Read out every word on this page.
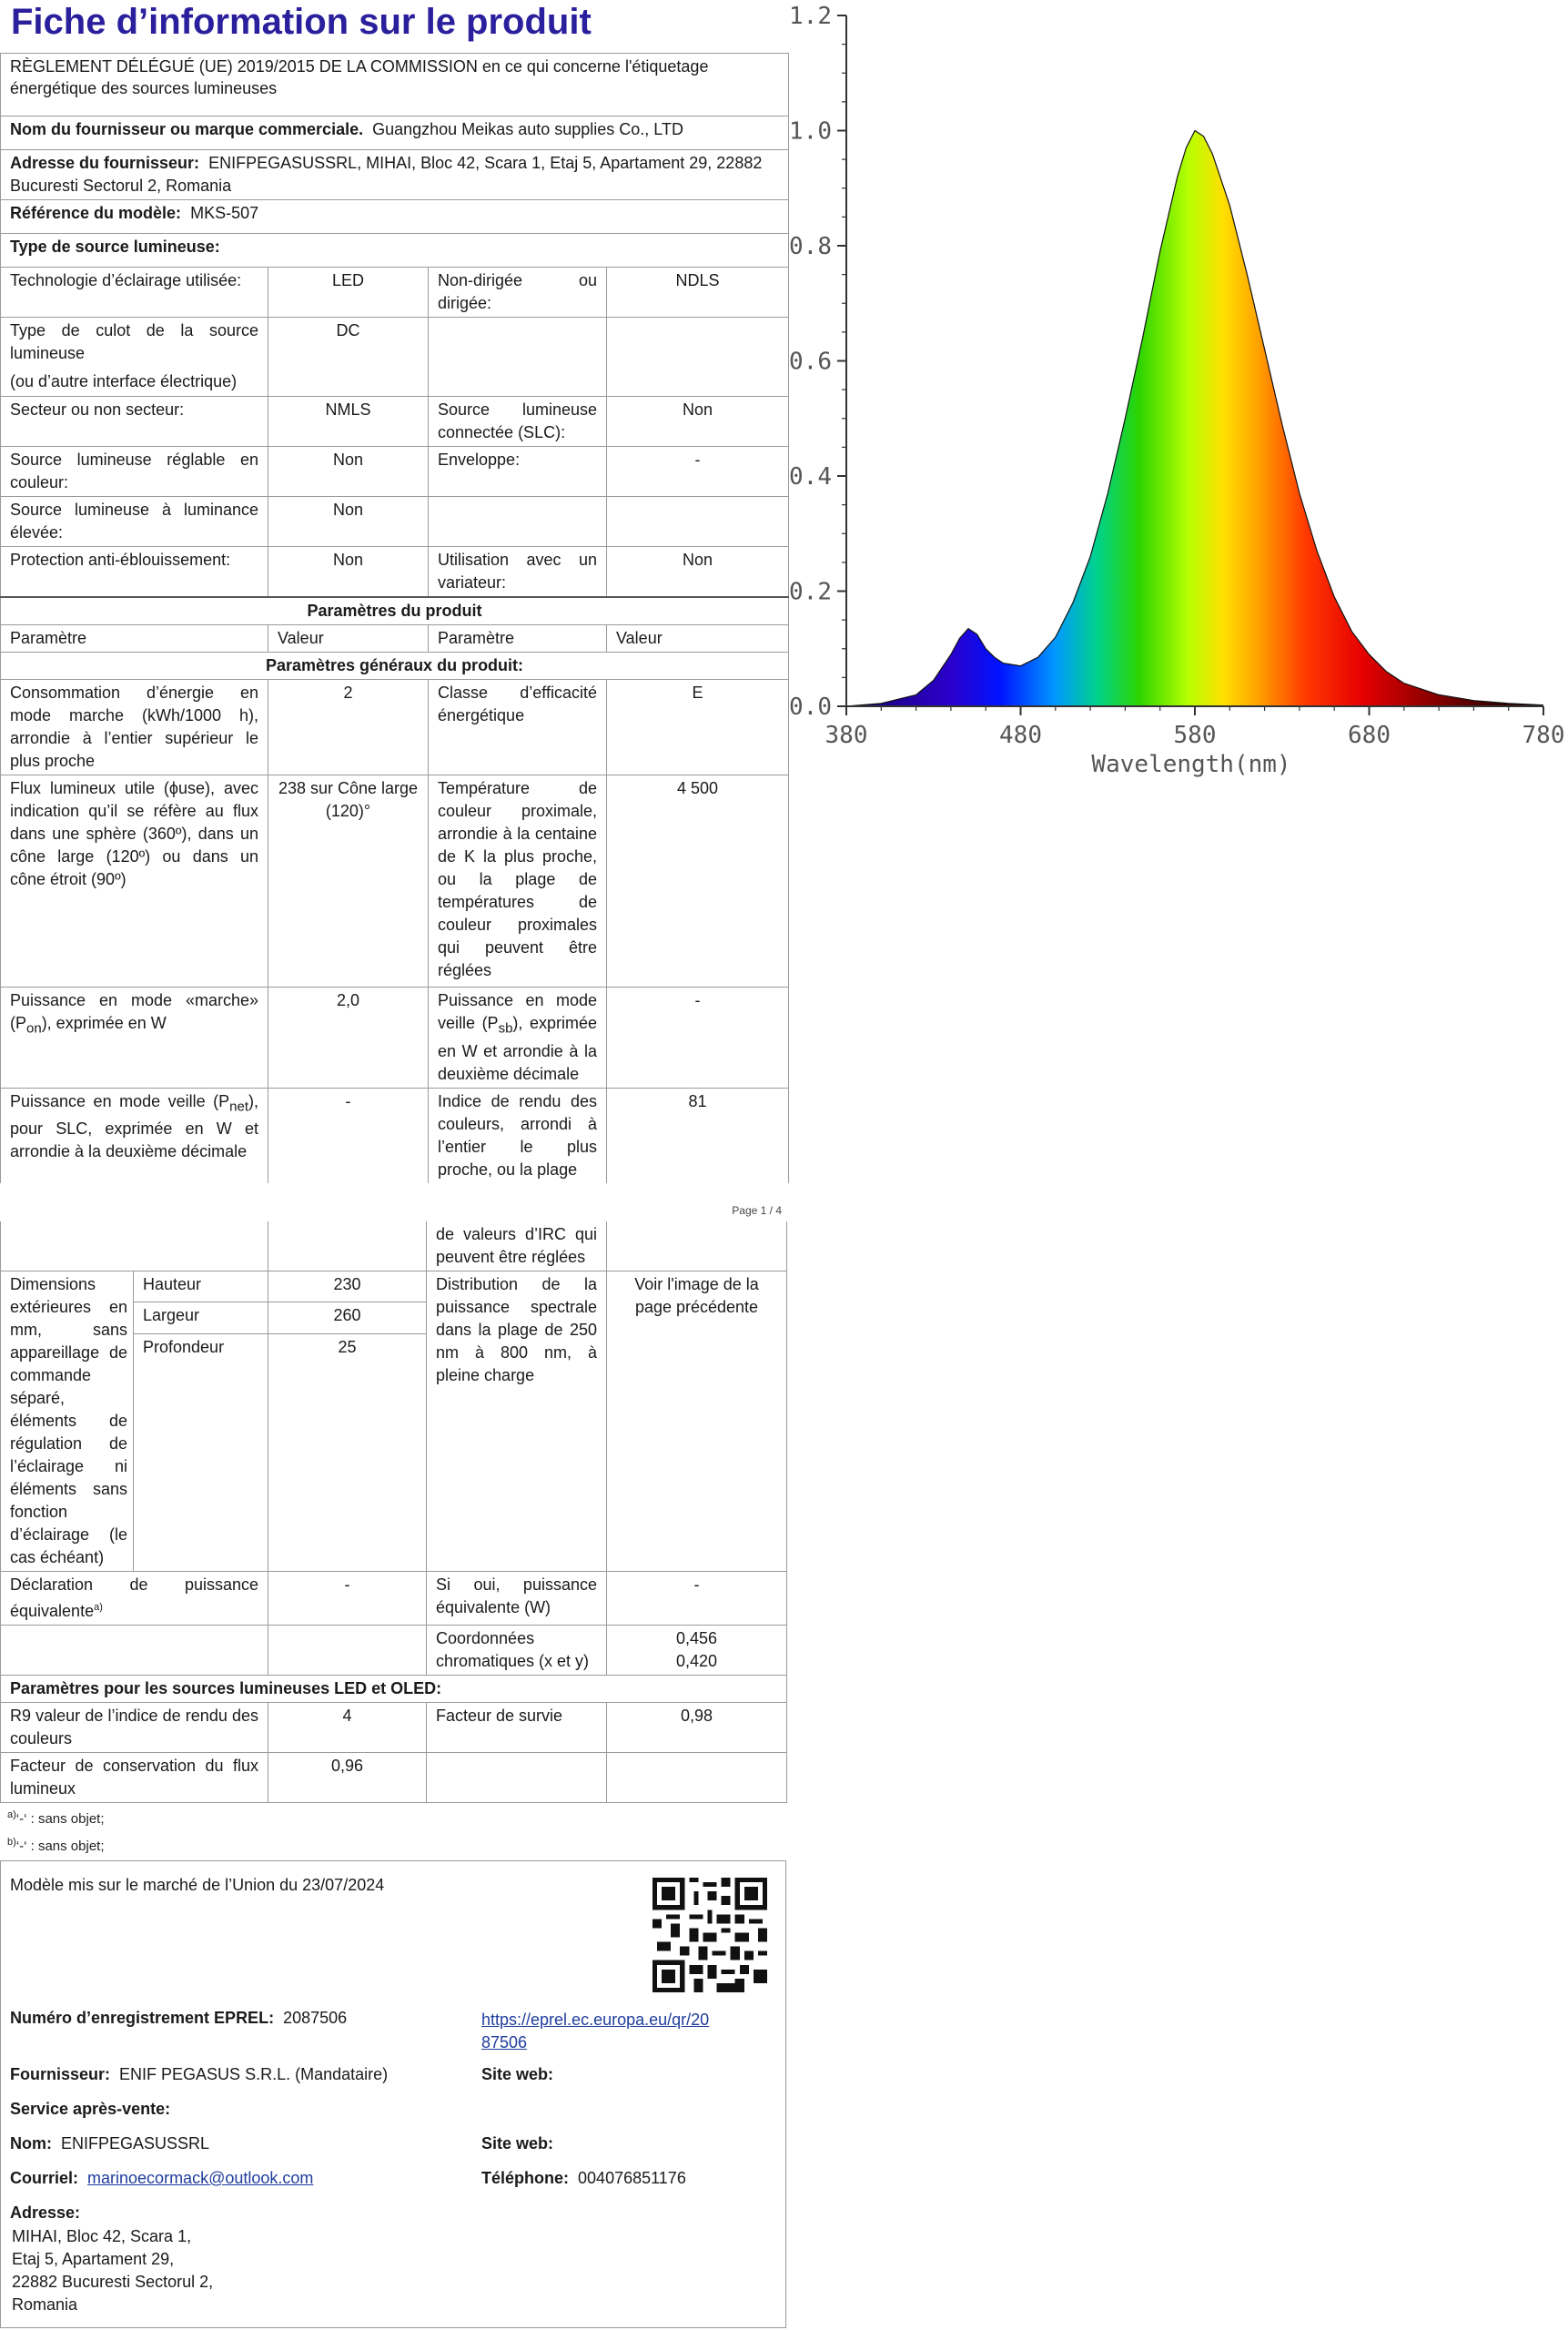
Fiche d’information sur le produit
RÈGLEMENT DÉLÉGUÉ (UE) 2019/2015 DE LA COMMISSION en ce qui concerne l'étiquetage énergétique des sources lumineuses			
Nom du fournisseur ou marque commerciale. Guangzhou Meikas auto supplies Co., LTD			
Adresse du fournisseur: ENIFPEGASUSSRL, MIHAI, Bloc 42, Scara 1, Etaj 5, Apartament 29, 22882 Bucuresti Sectorul 2, Romania			
Référence du modèle: MKS-507			
Type de source lumineuse:			
Technologie d’éclairage utilisée:	LED	Non-dirigée ou dirigée:	NDLS

Type de culot de la source lumineuse
(ou d’autre interface électrique)	DC		
Secteur ou non secteur:	NMLS	Source lumineuse connectée (SLC):	Non
Source lumineuse réglable en couleur:	Non	Enveloppe:	-
Source lumineuse à luminance élevée:	Non		
Protection anti-éblouissement:	Non	Utilisation avec un variateur:	Non
Paramètres du produit			
Paramètre	Valeur	Paramètre	Valeur
Paramètres généraux du produit:			
Consommation d’énergie en mode marche (kWh/1000 h), arrondie à l’entier supérieur le plus proche	2	Classe d’efficacité énergétique	E
Flux lumineux utile (ϕuse), avec indication qu’il se réfère au flux dans une sphère (360º), dans un cône large (120º) ou dans un cône étroit (90º)	238 sur Cône large (120)°	Température de couleur proximale, arrondie à la centaine de K la plus proche, ou la plage de températures de couleur proximales qui peuvent être réglées	4 500
Puissance en mode «marche» $(P_{on})$, exprimée en W	2,0	Puissance en mode veille $(P_{sb})$, exprimée en W et arrondie à la deuxième décimale	-
Puissance en mode veille $(P_{net})$, pour SLC, exprimée en W et arrondie à la deuxième décimale	-	Indice de rendu des couleurs, arrondi à l’entier le plus proche, ou la plage	81
Page 1 / 4
			de valeurs d’IRC qui peuvent être réglées	
Dimensions extérieures en mm, sans appareillage de commande séparé, éléments de régulation de l’éclairage ni éléments sans fonction d’éclairage (le cas échéant)	Hauteur	230	Distribution de la puissance spectrale dans la plage de 250 nm à 800 nm, à pleine charge	Voir l'image de la page précédente
	Largeur	260		
	Profondeur	25		
Déclaration de puissance équivalente$^{a)}$		-	Si oui, puissance équivalente (W)	-
			Coordonnées chromatiques (x et y)	0,456
0,420

Paramètres pour les sources lumineuses LED et OLED:				
R9 valeur de l’indice de rendu des couleurs		4	Facteur de survie	0,98
Facteur de conservation du flux lumineux		0,96		
$^{a)}$‘-‘ : sans objet;
$^{b)}$‘-‘ : sans objet;
Modèle mis sur le marché de l’Union du 23/07/2024
Numéro d’enregistrement EPREL: 2087506	https://eprel.ec.europa.eu/qr/20
87506
Fournisseur: ENIF PEGASUS S.R.L. (Mandataire)	Site web:
Service après-vente:
Nom: ENIFPEGASUSSRL	Site web:
Courriel: marinoecormack@outlook.com	Téléphone: 004076851176
Adresse:
MIHAI, Bloc 42, Scara 1,
Etaj 5, Apartament 29,
22882 Bucuresti Sectorul 2,
Romania
0.0
0.2
0.4
0.6
0.8
1.0
1.2
380	480	580	680	780
Wavelength(nm)
